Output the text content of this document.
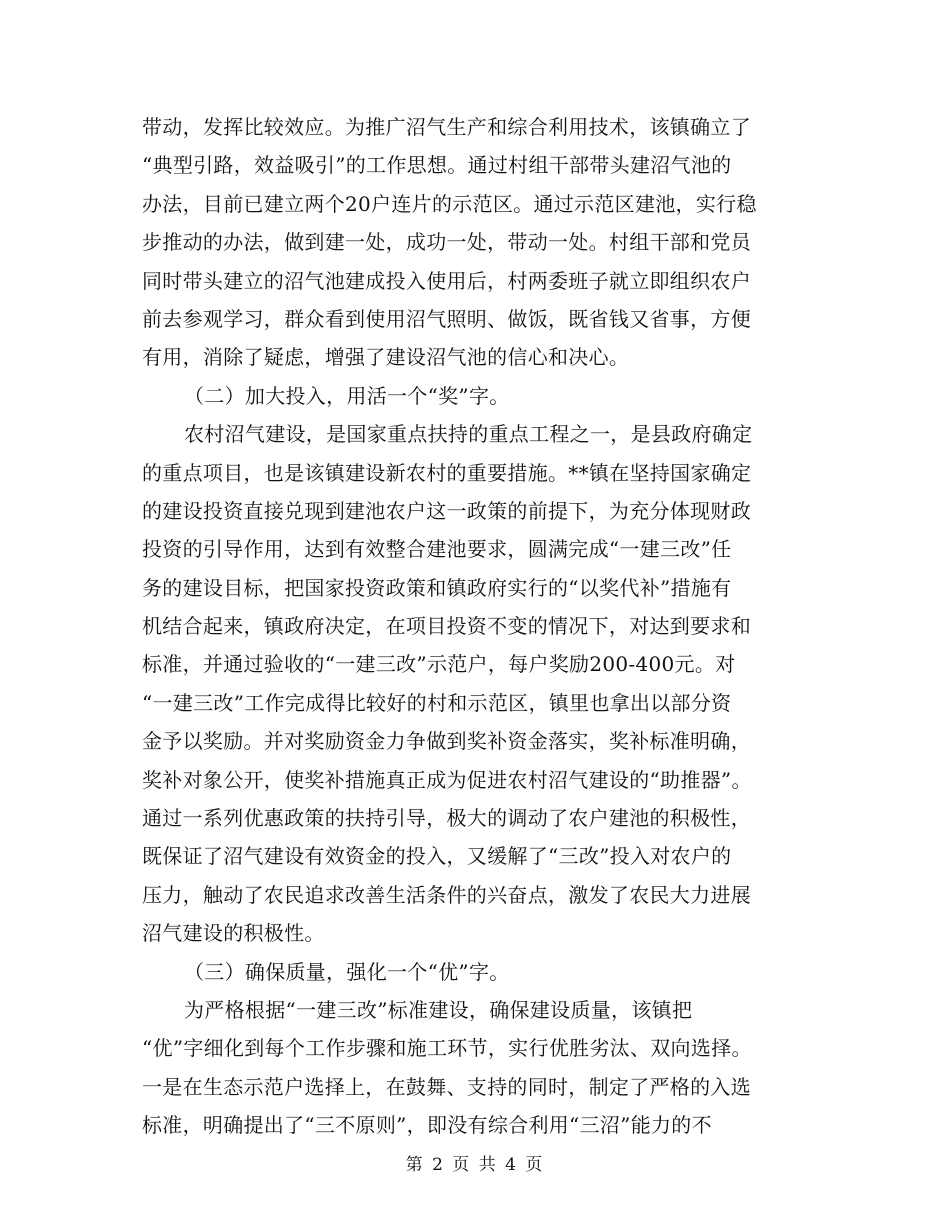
带动，发挥比较效应。为推广沼气生产和综合利用技术，该镇确立了
“典型引路，效益吸引”的工作思想。通过村组干部带头建沼气池的
办法，目前已建立两个20户连片的示范区。通过示范区建池，实行稳
步推动的办法，做到建一处，成功一处，带动一处。村组干部和党员
同时带头建立的沼气池建成投入使用后，村两委班子就立即组织农户
前去参观学习，群众看到使用沼气照明、做饭，既省钱又省事，方便
有用，消除了疑虑，增强了建设沼气池的信心和决心。
（二）加大投入，用活一个“奖”字。
农村沼气建设，是国家重点扶持的重点工程之一，是县政府确定
的重点项目，也是该镇建设新农村的重要措施。**镇在坚持国家确定
的建设投资直接兑现到建池农户这一政策的前提下，为充分体现财政
投资的引导作用，达到有效整合建池要求，圆满完成“一建三改”任
务的建设目标，把国家投资政策和镇政府实行的“以奖代补”措施有
机结合起来，镇政府决定，在项目投资不变的情况下，对达到要求和
标准，并通过验收的“一建三改”示范户，每户奖励200-400元。对
“一建三改”工作完成得比较好的村和示范区，镇里也拿出以部分资
金予以奖励。并对奖励资金力争做到奖补资金落实，奖补标准明确，
奖补对象公开，使奖补措施真正成为促进农村沼气建设的“助推器”。
通过一系列优惠政策的扶持引导，极大的调动了农户建池的积极性，
既保证了沼气建设有效资金的投入，又缓解了“三改”投入对农户的
压力，触动了农民追求改善生活条件的兴奋点，激发了农民大力进展
沼气建设的积极性。
（三）确保质量，强化一个“优”字。
为严格根据“一建三改”标准建设，确保建设质量，该镇把
“优”字细化到每个工作步骤和施工环节，实行优胜劣汰、双向选择。
一是在生态示范户选择上，在鼓舞、支持的同时，制定了严格的入选
标准，明确提出了“三不原则”，即没有综合利用“三沼”能力的不
第 2 页 共 4 页
